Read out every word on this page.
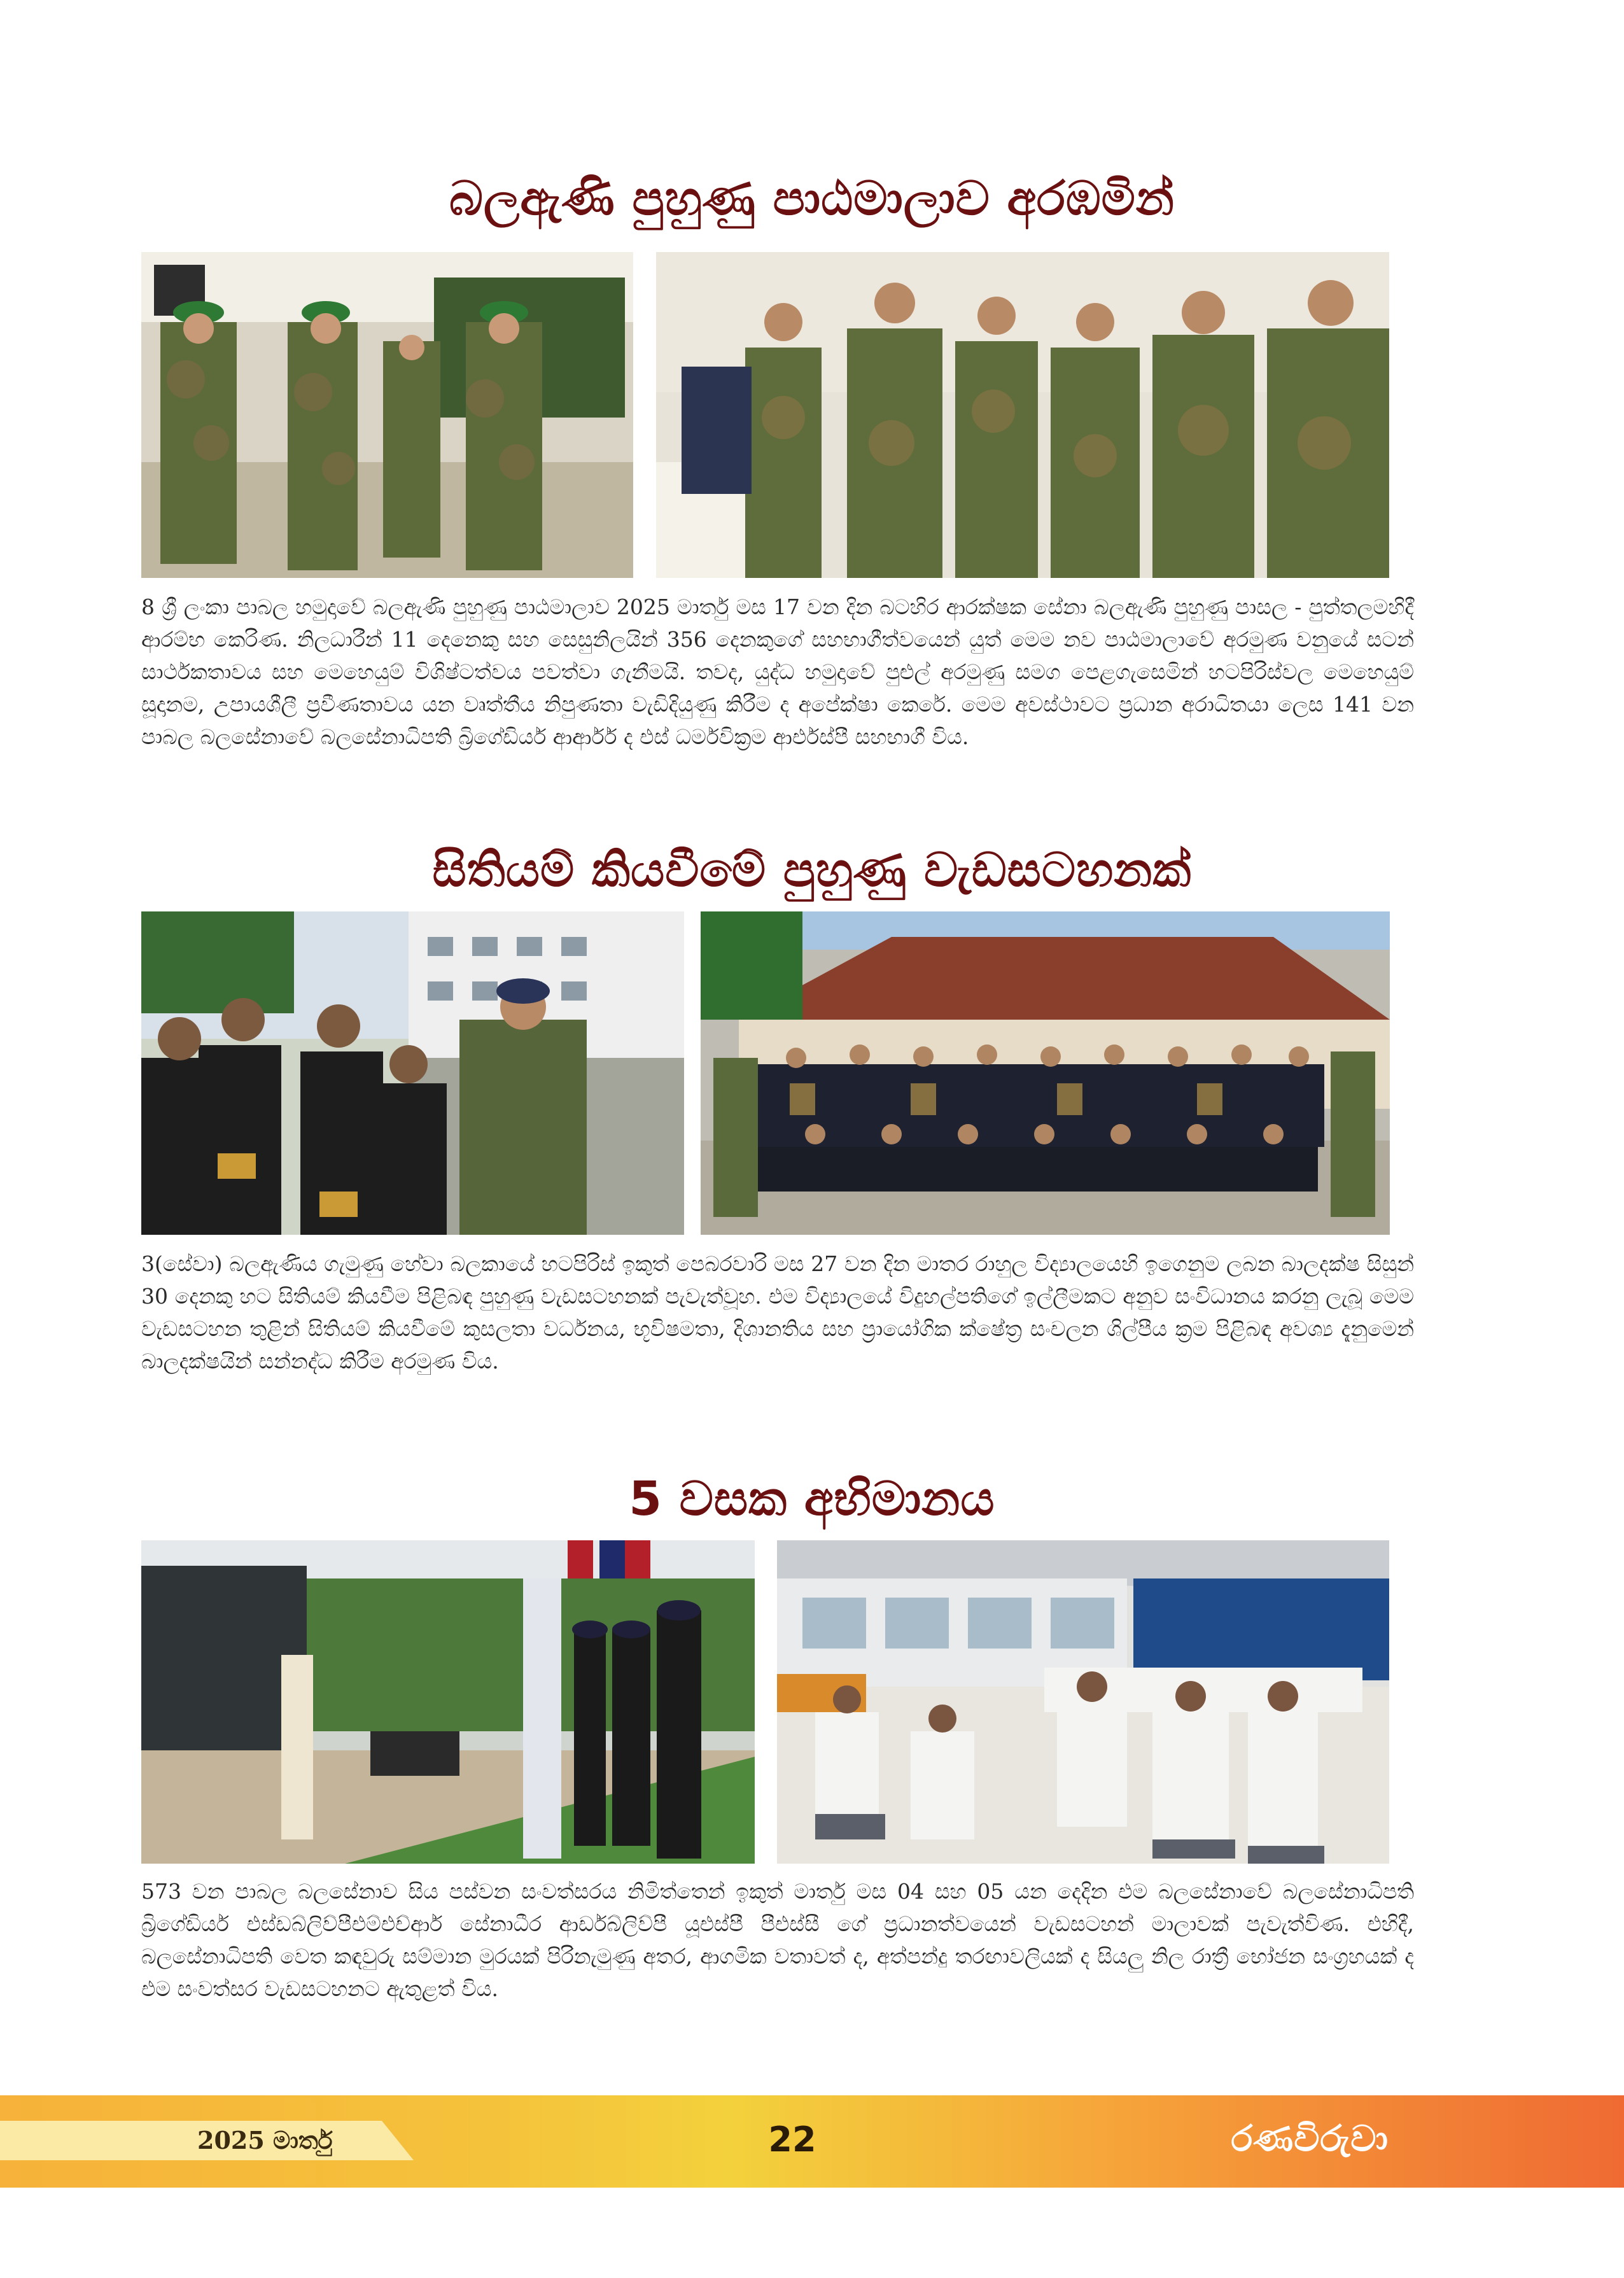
බලඇණි පුහුණු පාඨමාලාව අරඹමින්
8 ශ්‍රී ලංකා පාබල හමුදාවේ බලඇණි පුහුණු පාඨමාලාව 2025 මාර්තු මස 17 වන දින බටහිර ආරක්ෂක සේනා බලඇණි පුහුණු පාසල - පුත්තලමහිදී ආරම්භ කෙරිණ. නිලධාරීන් 11 දෙනෙකු සහ සෙසුනිලයින් 356 දෙනකුගේ සහභාගීත්වයෙන් යුත් මෙම නව පාඨමාලාවේ අරමුණ වනුයේ සටන් සාර්ථකතාවය සහ මෙහෙයුම් විශිෂ්ටත්වය පවත්වා ගැනීමයි. තවද, යුද්ධ හමුදාවේ පුළුල් අරමුණු සමග පෙළගැසෙමින් හටපිරිස්වල මෙහෙයුම් සූදානම, උපායශීලී ප්‍රවීණතාවය යන වෘත්තීය නිපුණතා වැඩිදියුණු කිරීම ද අපේක්ෂා කෙරේ. මෙම අවස්ථාවට ප්‍රධාන අරාධිතයා ලෙස 141 වන පාබල බලසේනාවේ බලසේනාධිපති බ්‍රිගේඩියර් ආර්ආර් ද එස් ධර්මවික්‍රම ආර්එස්පී සහභාගී විය.
සිතියම් කියවීමේ පුහුණු වැඩසටහනක්
3(සේවා) බලඇණිය ගැමුණු හේවා බලකායේ හටපිරිස් ඉකුත් පෙබරවාරි මස 27 වන දින මාතර රාහුල විද්‍යාලයෙහි ඉගෙනුම ලබන බාලදක්ෂ සිසුන් 30 දෙනකු හට සිතියම් කියවීම පිළිබඳ පුහුණු වැඩසටහනක් පැවැත්වූහ. එම විද්‍යාලයේ විදුහල්පතිගේ ඉල්ලීමකට අනුව සංවිධානය කරනු ලැබූ මෙම වැඩසටහන තුළින් සිතියම් කියවීමේ කුසලතා වර්ධනය, භූවිෂමතා, දිශානතිය සහ ප්‍රායෝගික ක්ෂේත්‍ර සංචලන ශිල්පීය ක්‍රම පිළිබඳ අවශ්‍ය දැනුමෙන් බාලදක්ෂයින් සන්නද්ධ කිරීම අරමුණ විය.
5 වසක අභිමානය
573 වන පාබල බලසේනාව සිය පස්වන සංවත්සරය නිමිත්තෙන් ඉකුත් මාර්තු මස 04 සහ 05 යන දෙදින එම බලසේනාවේ බලසේනාධිපති බ්‍රිගේඩියර් එස්ඩබ්ලිව්පීඑම්එච්ආර් සේනාධීර ආර්ඩබ්ලිව්පී යූඑස්පී පීඑස්සී ගේ ප්‍රධානත්වයෙන් වැඩසටහන් මාලාවක් පැවැත්විණ. එහිදී, බලසේනාධිපති වෙත කඳවුරු සම්මාන මුරයක් පිරිනැමුණු අතර, ආගමික වතාවත් ද, අත්පන්දු තරඟාවලියක් ද සියලු නිල රාත්‍රී භෝජන සංග්‍රහයක් ද එම සංවත්සර වැඩසටහනට ඇතුළත් විය.
2025 මාර්තු	22	රණවිරුවා
